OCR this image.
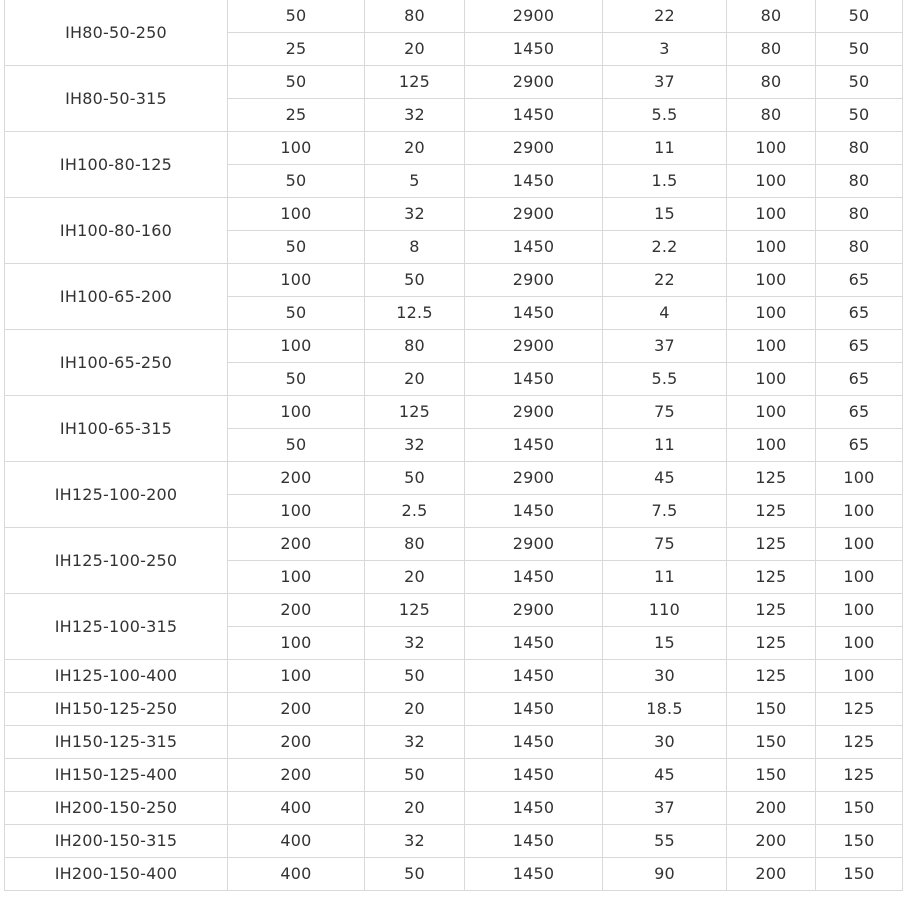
IH80-50-250	50	80	2900	22	80	50
	25	20	1450	3	80	50
IH80-50-315	50	125	2900	37	80	50
	25	32	1450	5.5	80	50
IH100-80-125	100	20	2900	11	100	80
	50	5	1450	1.5	100	80
IH100-80-160	100	32	2900	15	100	80
	50	8	1450	2.2	100	80
IH100-65-200	100	50	2900	22	100	65
	50	12.5	1450	4	100	65
IH100-65-250	100	80	2900	37	100	65
	50	20	1450	5.5	100	65
IH100-65-315	100	125	2900	75	100	65
	50	32	1450	11	100	65
IH125-100-200	200	50	2900	45	125	100
	100	2.5	1450	7.5	125	100
IH125-100-250	200	80	2900	75	125	100
	100	20	1450	11	125	100
IH125-100-315	200	125	2900	110	125	100
	100	32	1450	15	125	100
IH125-100-400	100	50	1450	30	125	100
IH150-125-250	200	20	1450	18.5	150	125
IH150-125-315	200	32	1450	30	150	125
IH150-125-400	200	50	1450	45	150	125
IH200-150-250	400	20	1450	37	200	150
IH200-150-315	400	32	1450	55	200	150
IH200-150-400	400	50	1450	90	200	150
